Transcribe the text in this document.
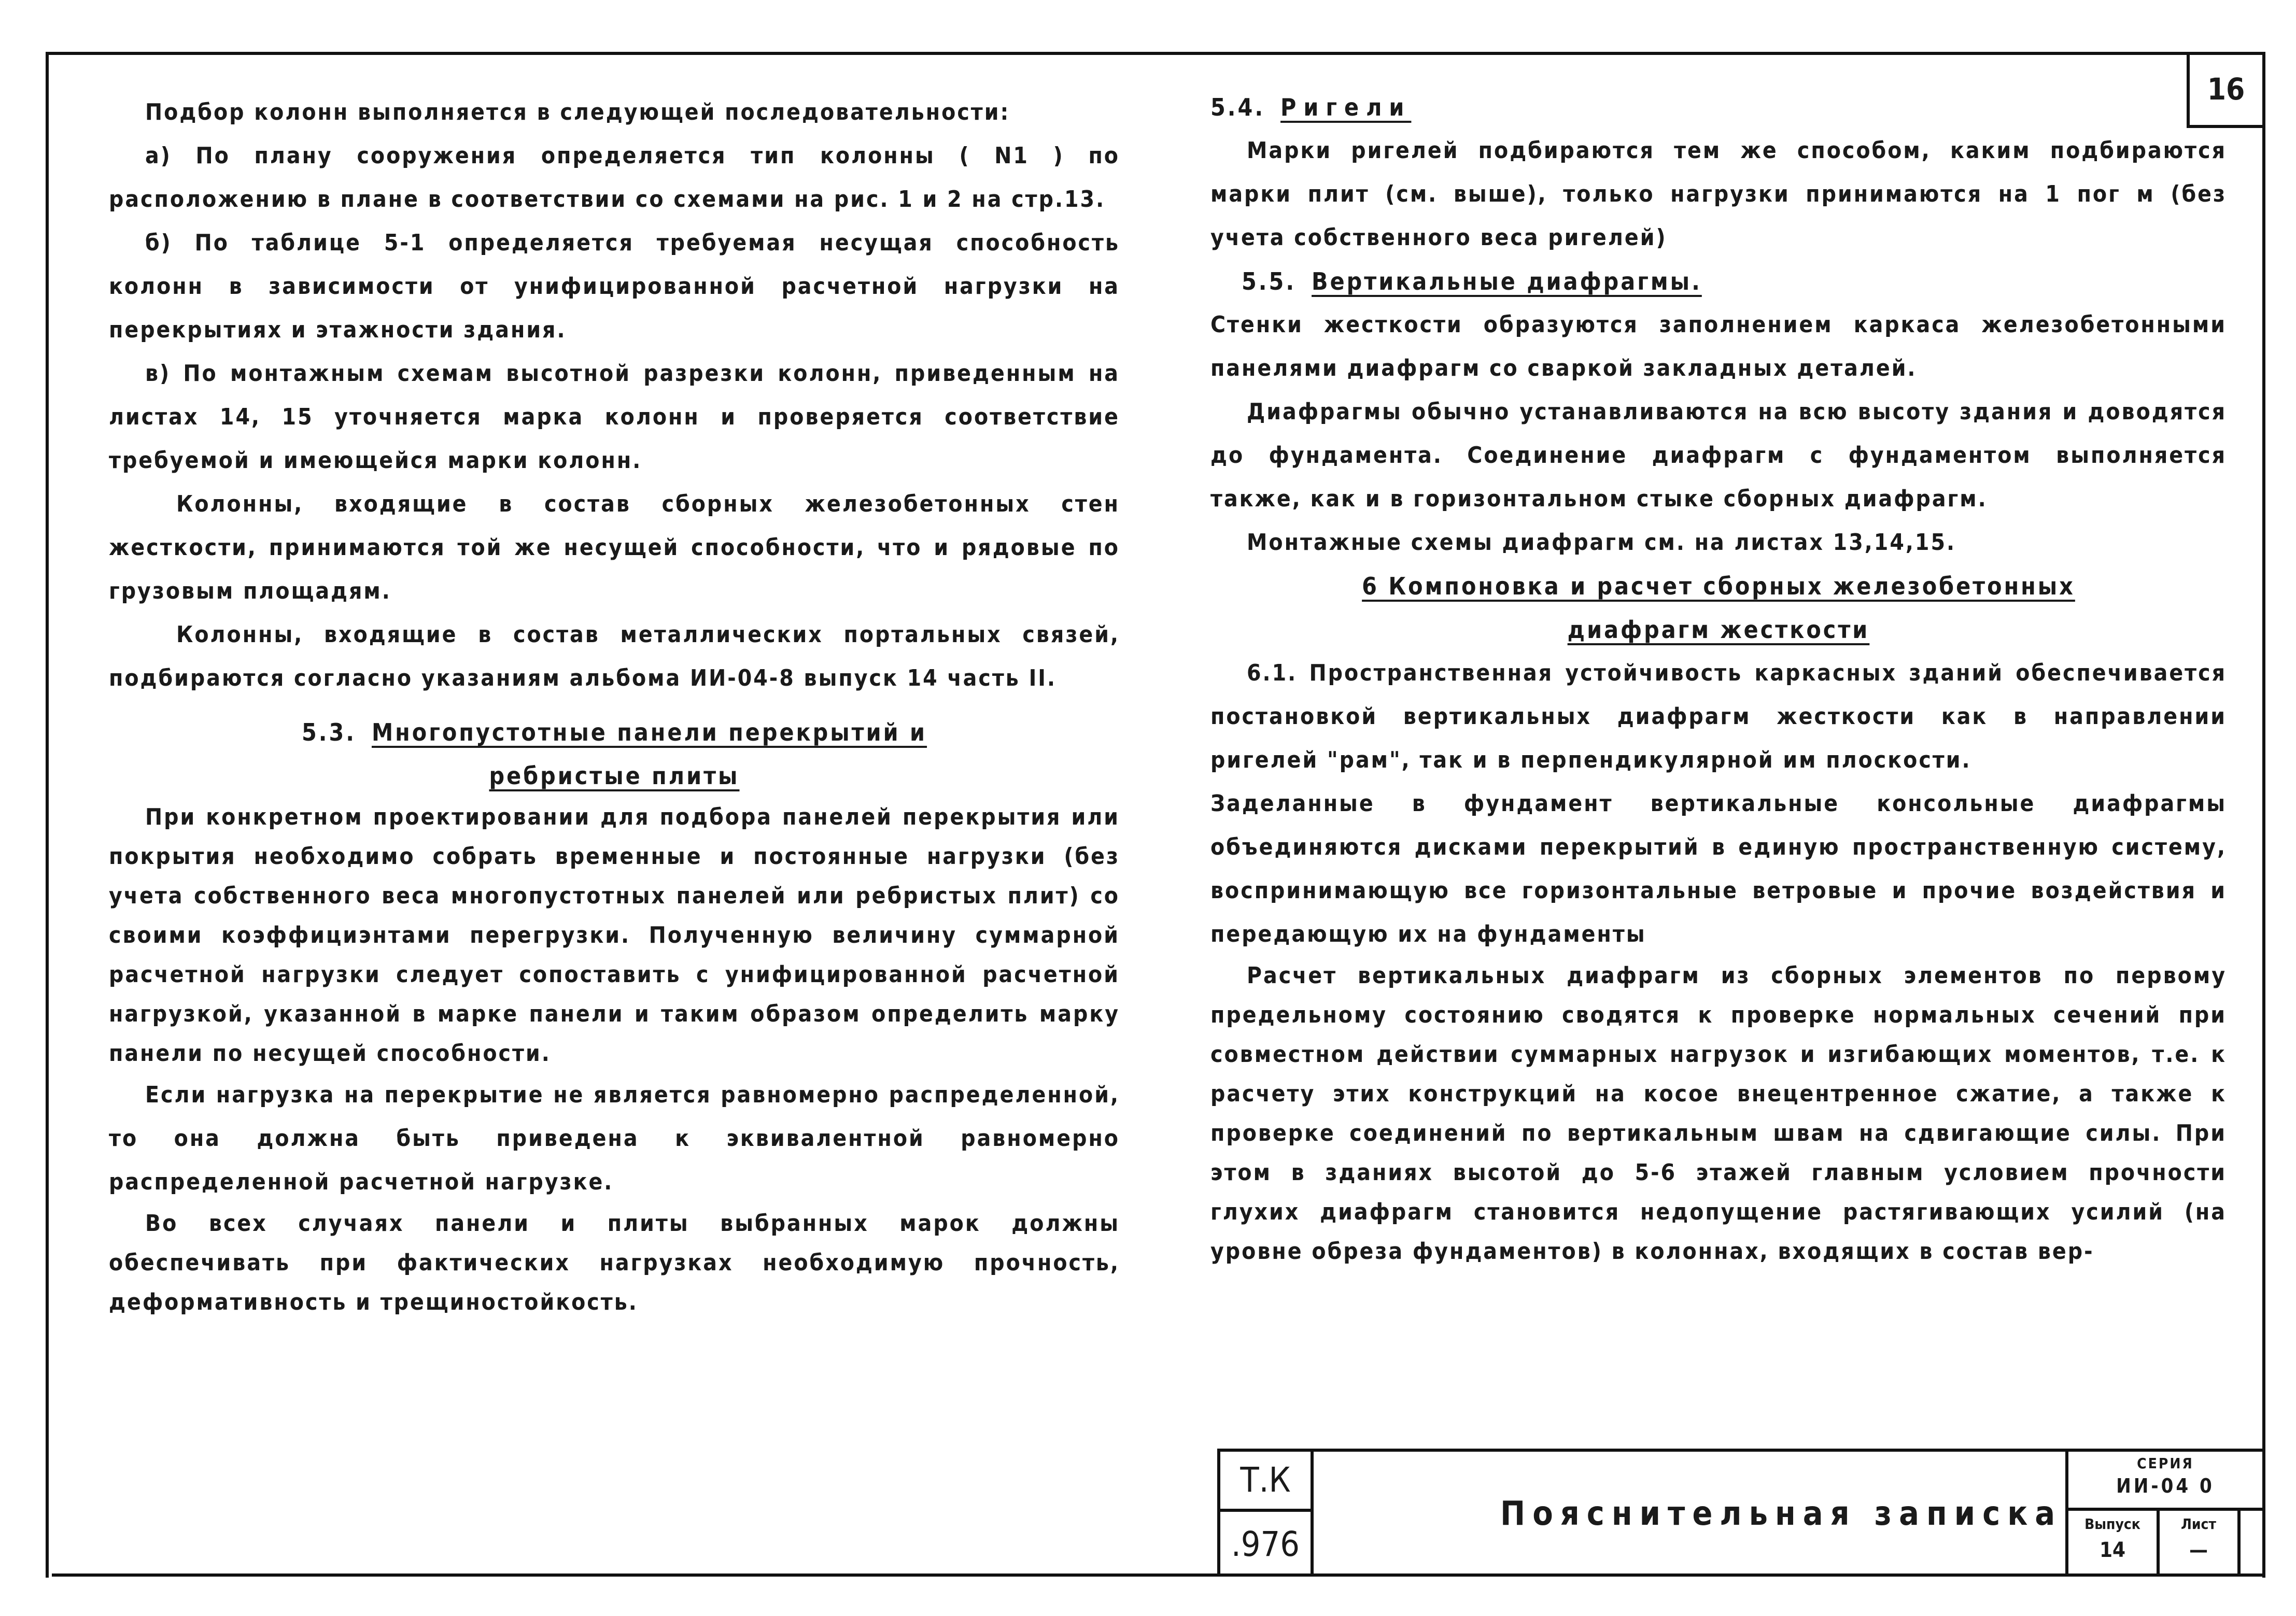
16

Подбор колонн выполняется в следующей последовательности:

а) По плану сооружения определяется тип колонны ( N1 ) по расположению в плане в соответствии со схемами на рис. 1 и 2 на стр.13.

б) По таблице 5-1 определяется требуемая несущая способность колонн в зависимости от унифицированной расчетной нагрузки на перекрытиях и этажности здания.

в) По монтажным схемам высотной разрезки колонн, приведенным на листах 14, 15 уточняется марка колонн и проверяется соответствие требуемой и имеющейся марки колонн.

Колонны, входящие в состав сборных железобетонных стен жесткости, принимаются той же несущей способности, что и рядовые по грузовым площадям.

Колонны, входящие в состав металлических портальных связей, подбираются согласно указаниям альбома ИИ-04-8 выпуск 14 часть II.

5.3. Многопустотные панели перекрытий и

ребристые плиты

При конкретном проектировании для подбора панелей перекрытия или покрытия необходимо собрать временные и постоянные нагрузки (без учета собственного веса многопустотных панелей или ребристых плит) со своими коэффициэнтами перегрузки. Полученную величину суммарной расчетной нагрузки следует сопоставить с унифицированной расчетной нагрузкой, указанной в марке панели и таким образом определить марку панели по несущей способности.

Если нагрузка на перекрытие не является равномерно распределенной, то она должна быть приведена к эквивалентной равномерно распределенной расчетной нагрузке.

Во всех случаях панели и плиты выбранных марок должны обеспечивать при фактических нагрузках необходимую прочность, деформативность и трещиностойкость.

5.4. Ригели

Марки ригелей подбираются тем же способом, каким подбираются марки плит (см. выше), только нагрузки принимаются на 1 пог м (без учета собственного веса ригелей)

5.5. Вертикальные диафрагмы.

Стенки жесткости образуются заполнением каркаса железобетонными панелями диафрагм со сваркой закладных деталей.

Диафрагмы обычно устанавливаются на всю высоту здания и доводятся до фундамента. Соединение диафрагм с фундаментом выполняется также, как и в горизонтальном стыке сборных диафрагм.

Монтажные схемы диафрагм см. на листах 13,14,15.

6 Компоновка и расчет сборных железобетонных

диафрагм жесткости

6.1. Пространственная устойчивость каркасных зданий обеспечивается постановкой вертикальных диафрагм жесткости как в направлении ригелей "рам", так и в перпендикулярной им плоскости.

Заделанные в фундамент вертикальные консольные диафрагмы объединяются дисками перекрытий в единую пространственную систему, воспринимающую все горизонтальные ветровые и прочие воздействия и передающую их на фундаменты

Расчет вертикальных диафрагм из сборных элементов по первому предельному состоянию сводятся к проверке нормальных сечений при совместном действии суммарных нагрузок и изгибающих моментов, т.е. к расчету этих конструкций на косое внецентренное сжатие, а также к проверке соединений по вертикальным швам на сдвигающие силы. При этом в зданиях высотой до 5-6 этажей главным условием прочности глухих диафрагм становится недопущение растягивающих усилий (на уровне обреза фундаментов) в колоннах, входящих в состав вер-

Т.К
.976
Пояснительная записка
СЕРИЯ
ИИ-04 0
Выпуск
14
Лист
—
